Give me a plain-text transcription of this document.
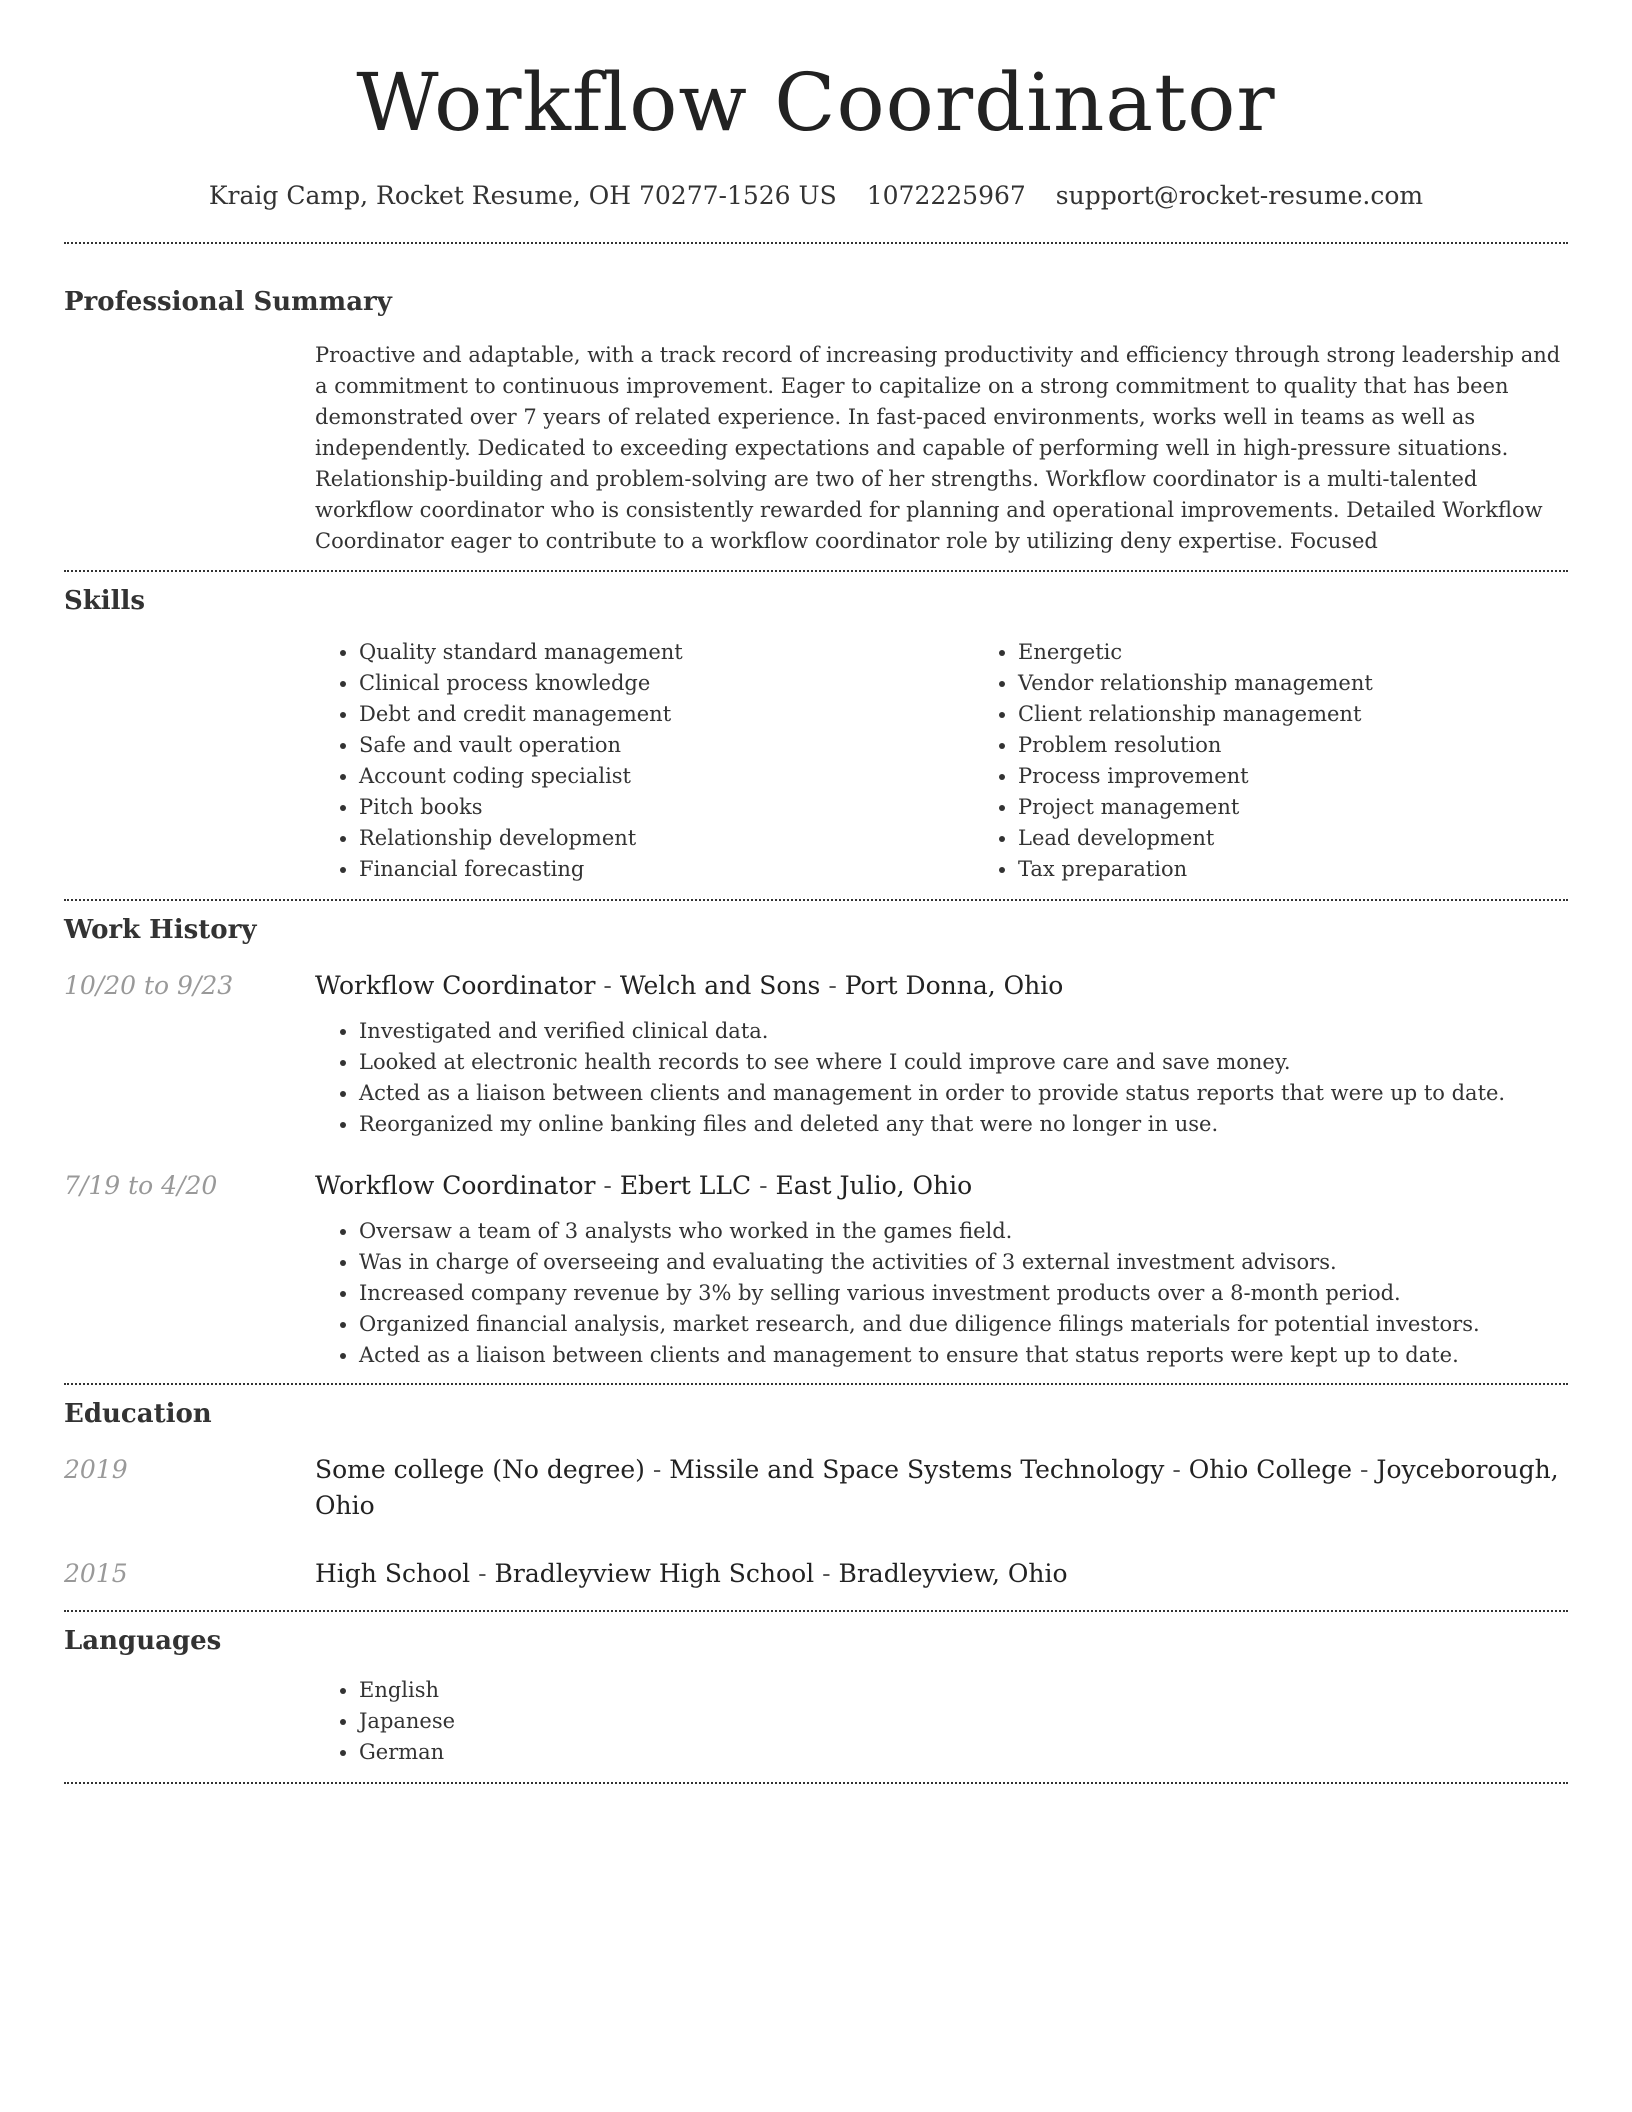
Workflow Coordinator
Kraig Camp, Rocket Resume, OH 70277-1526 US 1072225967 support@rocket-resume.com
Professional Summary

Proactive and adaptable, with a track record of increasing productivity and efficiency through strong leadership and a commitment to continuous improvement. Eager to capitalize on a strong commitment to quality that has been demonstrated over 7 years of related experience. In fast-paced environments, works well in teams as well as independently. Dedicated to exceeding expectations and capable of performing well in high-pressure situations. Relationship-building and problem-solving are two of her strengths. Workflow coordinator is a multi-talented workflow coordinator who is consistently rewarded for planning and operational improvements. Detailed Workflow Coordinator eager to contribute to a workflow coordinator role by utilizing deny expertise. Focused

Skills
• Quality standard management
• Clinical process knowledge
• Debt and credit management
• Safe and vault operation
• Account coding specialist
• Pitch books
• Relationship development
• Financial forecasting
• Energetic
• Vendor relationship management
• Client relationship management
• Problem resolution
• Process improvement
• Project management
• Lead development
• Tax preparation
Work History
10/20 to 9/23	Workflow Coordinator - Welch and Sons - Port Donna, Ohio
• Investigated and verified clinical data.
• Looked at electronic health records to see where I could improve care and save money.
• Acted as a liaison between clients and management in order to provide status reports that were up to date.
• Reorganized my online banking files and deleted any that were no longer in use.
7/19 to 4/20	Workflow Coordinator - Ebert LLC - East Julio, Ohio
• Oversaw a team of 3 analysts who worked in the games field.
• Was in charge of overseeing and evaluating the activities of 3 external investment advisors.
• Increased company revenue by 3% by selling various investment products over a 8-month period.
• Organized financial analysis, market research, and due diligence filings materials for potential investors.
• Acted as a liaison between clients and management to ensure that status reports were kept up to date.
Education
2019	Some college (No degree) - Missile and Space Systems Technology - Ohio College - Joyceborough, Ohio
2015	High School - Bradleyview High School - Bradleyview, Ohio
Languages
• English
• Japanese
• German
